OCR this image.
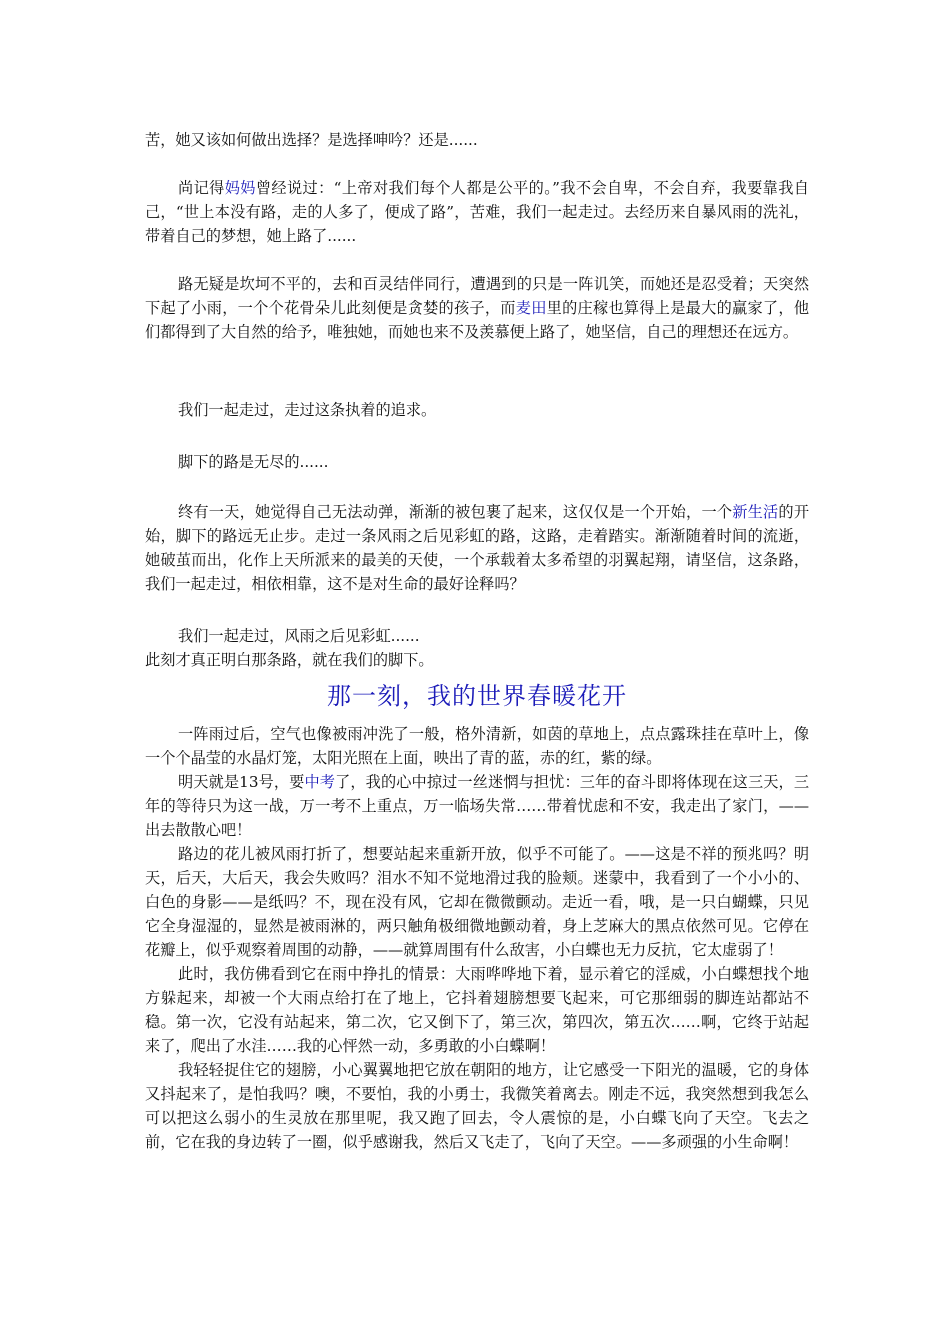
苦，她又该如何做出选择？是选择呻吟？还是......

尚记得妈妈曾经说过：“上帝对我们每个人都是公平的。”我不会自卑，不会自弃，我要靠我自己，“世上本没有路，走的人多了，便成了路”，苦难，我们一起走过。去经历来自暴风雨的洗礼，带着自己的梦想，她上路了......

路无疑是坎坷不平的，去和百灵结伴同行，遭遇到的只是一阵讥笑，而她还是忍受着；天突然下起了小雨，一个个花骨朵儿此刻便是贪婪的孩子，而麦田里的庄稼也算得上是最大的赢家了，他们都得到了大自然的给予，唯独她，而她也来不及羡慕便上路了，她坚信，自己的理想还在远方。

我们一起走过，走过这条执着的追求。

脚下的路是无尽的......

终有一天，她觉得自己无法动弹，渐渐的被包裹了起来，这仅仅是一个开始，一个新生活的开始，脚下的路远无止步。走过一条风雨之后见彩虹的路，这路，走着踏实。渐渐随着时间的流逝，她破茧而出，化作上天所派来的最美的天使，一个承载着太多希望的羽翼起翔，请坚信，这条路，我们一起走过，相依相靠，这不是对生命的最好诠释吗？

我们一起走过，风雨之后见彩虹......

此刻才真正明白那条路，就在我们的脚下。

那一刻，我的世界春暖花开

一阵雨过后，空气也像被雨冲洗了一般，格外清新，如茵的草地上，点点露珠挂在草叶上，像一个个晶莹的水晶灯笼，太阳光照在上面，映出了青的蓝，赤的红，紫的绿。

明天就是13号，要中考了，我的心中掠过一丝迷惘与担忧：三年的奋斗即将体现在这三天，三年的等待只为这一战，万一考不上重点，万一临场失常……带着忧虑和不安，我走出了家门，——出去散散心吧！

路边的花儿被风雨打折了，想要站起来重新开放，似乎不可能了。——这是不祥的预兆吗？明天，后天，大后天，我会失败吗？泪水不知不觉地滑过我的脸颊。迷蒙中，我看到了一个小小的、白色的身影——是纸吗？不，现在没有风，它却在微微颤动。走近一看，哦，是一只白蝴蝶，只见它全身湿湿的，显然是被雨淋的，两只触角极细微地颤动着，身上芝麻大的黑点依然可见。它停在花瓣上，似乎观察着周围的动静，——就算周围有什么敌害，小白蝶也无力反抗，它太虚弱了！

此时，我仿佛看到它在雨中挣扎的情景：大雨哗哗地下着，显示着它的淫威，小白蝶想找个地方躲起来，却被一个大雨点给打在了地上，它抖着翅膀想要飞起来，可它那细弱的脚连站都站不稳。第一次，它没有站起来，第二次，它又倒下了，第三次，第四次，第五次……啊，它终于站起来了，爬出了水洼……我的心怦然一动，多勇敢的小白蝶啊！

我轻轻捉住它的翅膀，小心翼翼地把它放在朝阳的地方，让它感受一下阳光的温暖，它的身体又抖起来了，是怕我吗？噢，不要怕，我的小勇士，我微笑着离去。刚走不远，我突然想到我怎么可以把这么弱小的生灵放在那里呢，我又跑了回去，令人震惊的是，小白蝶飞向了天空。飞去之前，它在我的身边转了一圈，似乎感谢我，然后又飞走了，飞向了天空。——多顽强的小生命啊！
